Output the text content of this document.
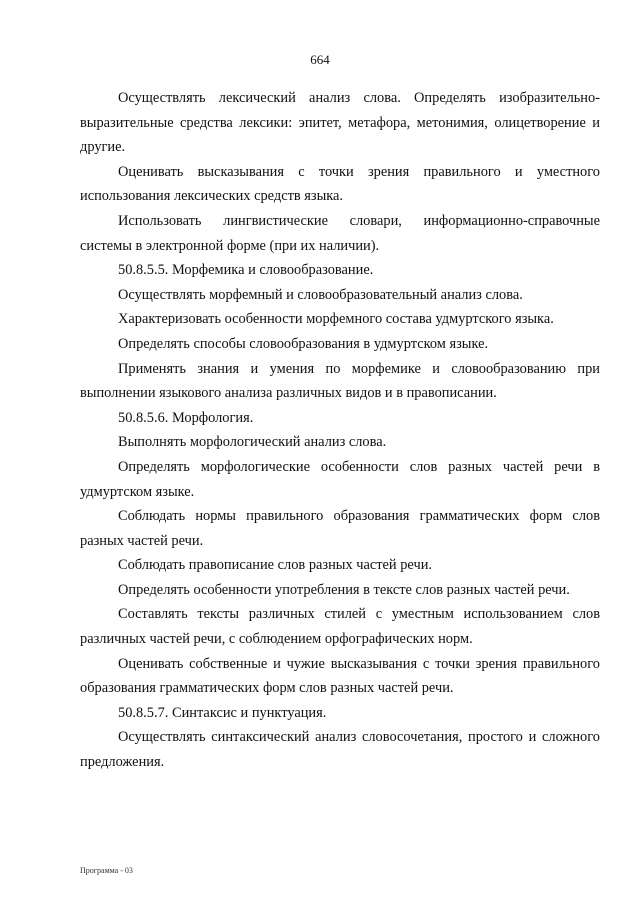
664

Осуществлять лексический анализ слова. Определять изобразительно-выразительные средства лексики: эпитет, метафора, метонимия, олицетворение и другие.

Оценивать высказывания с точки зрения правильного и уместного использования лексических средств языка.

Использовать лингвистические словари, информационно-справочные системы в электронной форме (при их наличии).

50.8.5.5. Морфемика и словообразование.

Осуществлять морфемный и словообразовательный анализ слова.

Характеризовать особенности морфемного состава удмуртского языка.

Определять способы словообразования в удмуртском языке.

Применять знания и умения по морфемике и словообразованию при выполнении языкового анализа различных видов и в правописании.

50.8.5.6. Морфология.

Выполнять морфологический анализ слова.

Определять морфологические особенности слов разных частей речи в удмуртском языке.

Соблюдать нормы правильного образования грамматических форм слов разных частей речи.

Соблюдать правописание слов разных частей речи.

Определять особенности употребления в тексте слов разных частей речи.

Составлять тексты различных стилей с уместным использованием слов различных частей речи, с соблюдением орфографических норм.

Оценивать собственные и чужие высказывания с точки зрения правильного образования грамматических форм слов разных частей речи.

50.8.5.7. Синтаксис и пунктуация.

Осуществлять синтаксический анализ словосочетания, простого и сложного предложения.

Программа - 03
